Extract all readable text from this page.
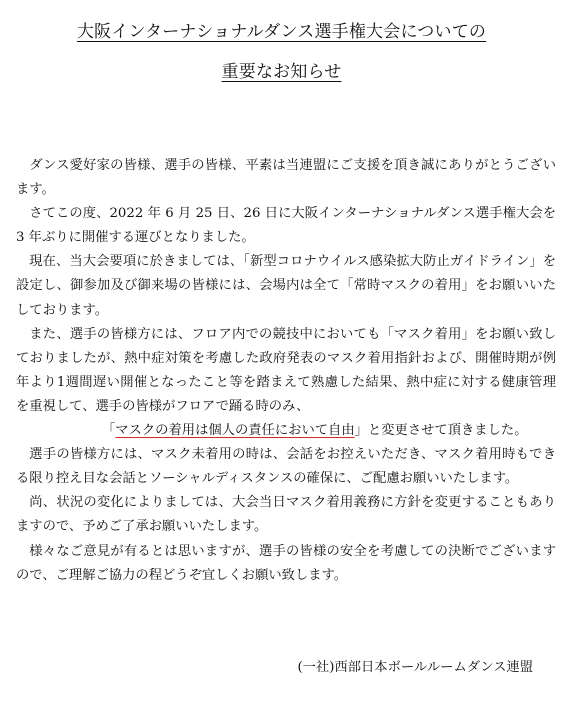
大阪インターナショナルダンス選手権大会についての
重要なお知らせ

ダンス愛好家の皆様、選手の皆様、平素は当連盟にご支援を頂き誠にありがとうございます。

さてこの度、2022 年 6 月 25 日、26 日に大阪インターナショナルダンス選手権大会を 3 年ぶりに開催する運びとなりました。

現在、当大会要項に於きましては、「新型コロナウイルス感染拡大防止ガイドライン」を設定し、御参加及び御来場の皆様には、会場内は全て「常時マスクの着用」をお願いいたしております。

また、選手の皆様方には、フロア内での競技中においても「マスク着用」をお願い致しておりましたが、熱中症対策を考慮した政府発表のマスク着用指針および、開催時期が例年より1週間遅い開催となったこと等を踏まえて熟慮した結果、熱中症に対する健康管理を重視して、選手の皆様がフロアで踊る時のみ、

「マスクの着用は個人の責任において自由」と変更させて頂きました。

選手の皆様方には、マスク未着用の時は、会話をお控えいただき、マスク着用時もできる限り控え目な会話とソーシャルディスタンスの確保に、ご配慮お願いいたします。

尚、状況の変化によりましては、大会当日マスク着用義務に方針を変更することもありますので、予めご了承お願いいたします。

様々なご意見が有るとは思いますが、選手の皆様の安全を考慮しての決断でございますので、ご理解ご協力の程どうぞ宜しくお願い致します。

(一社)西部日本ボールルームダンス連盟
